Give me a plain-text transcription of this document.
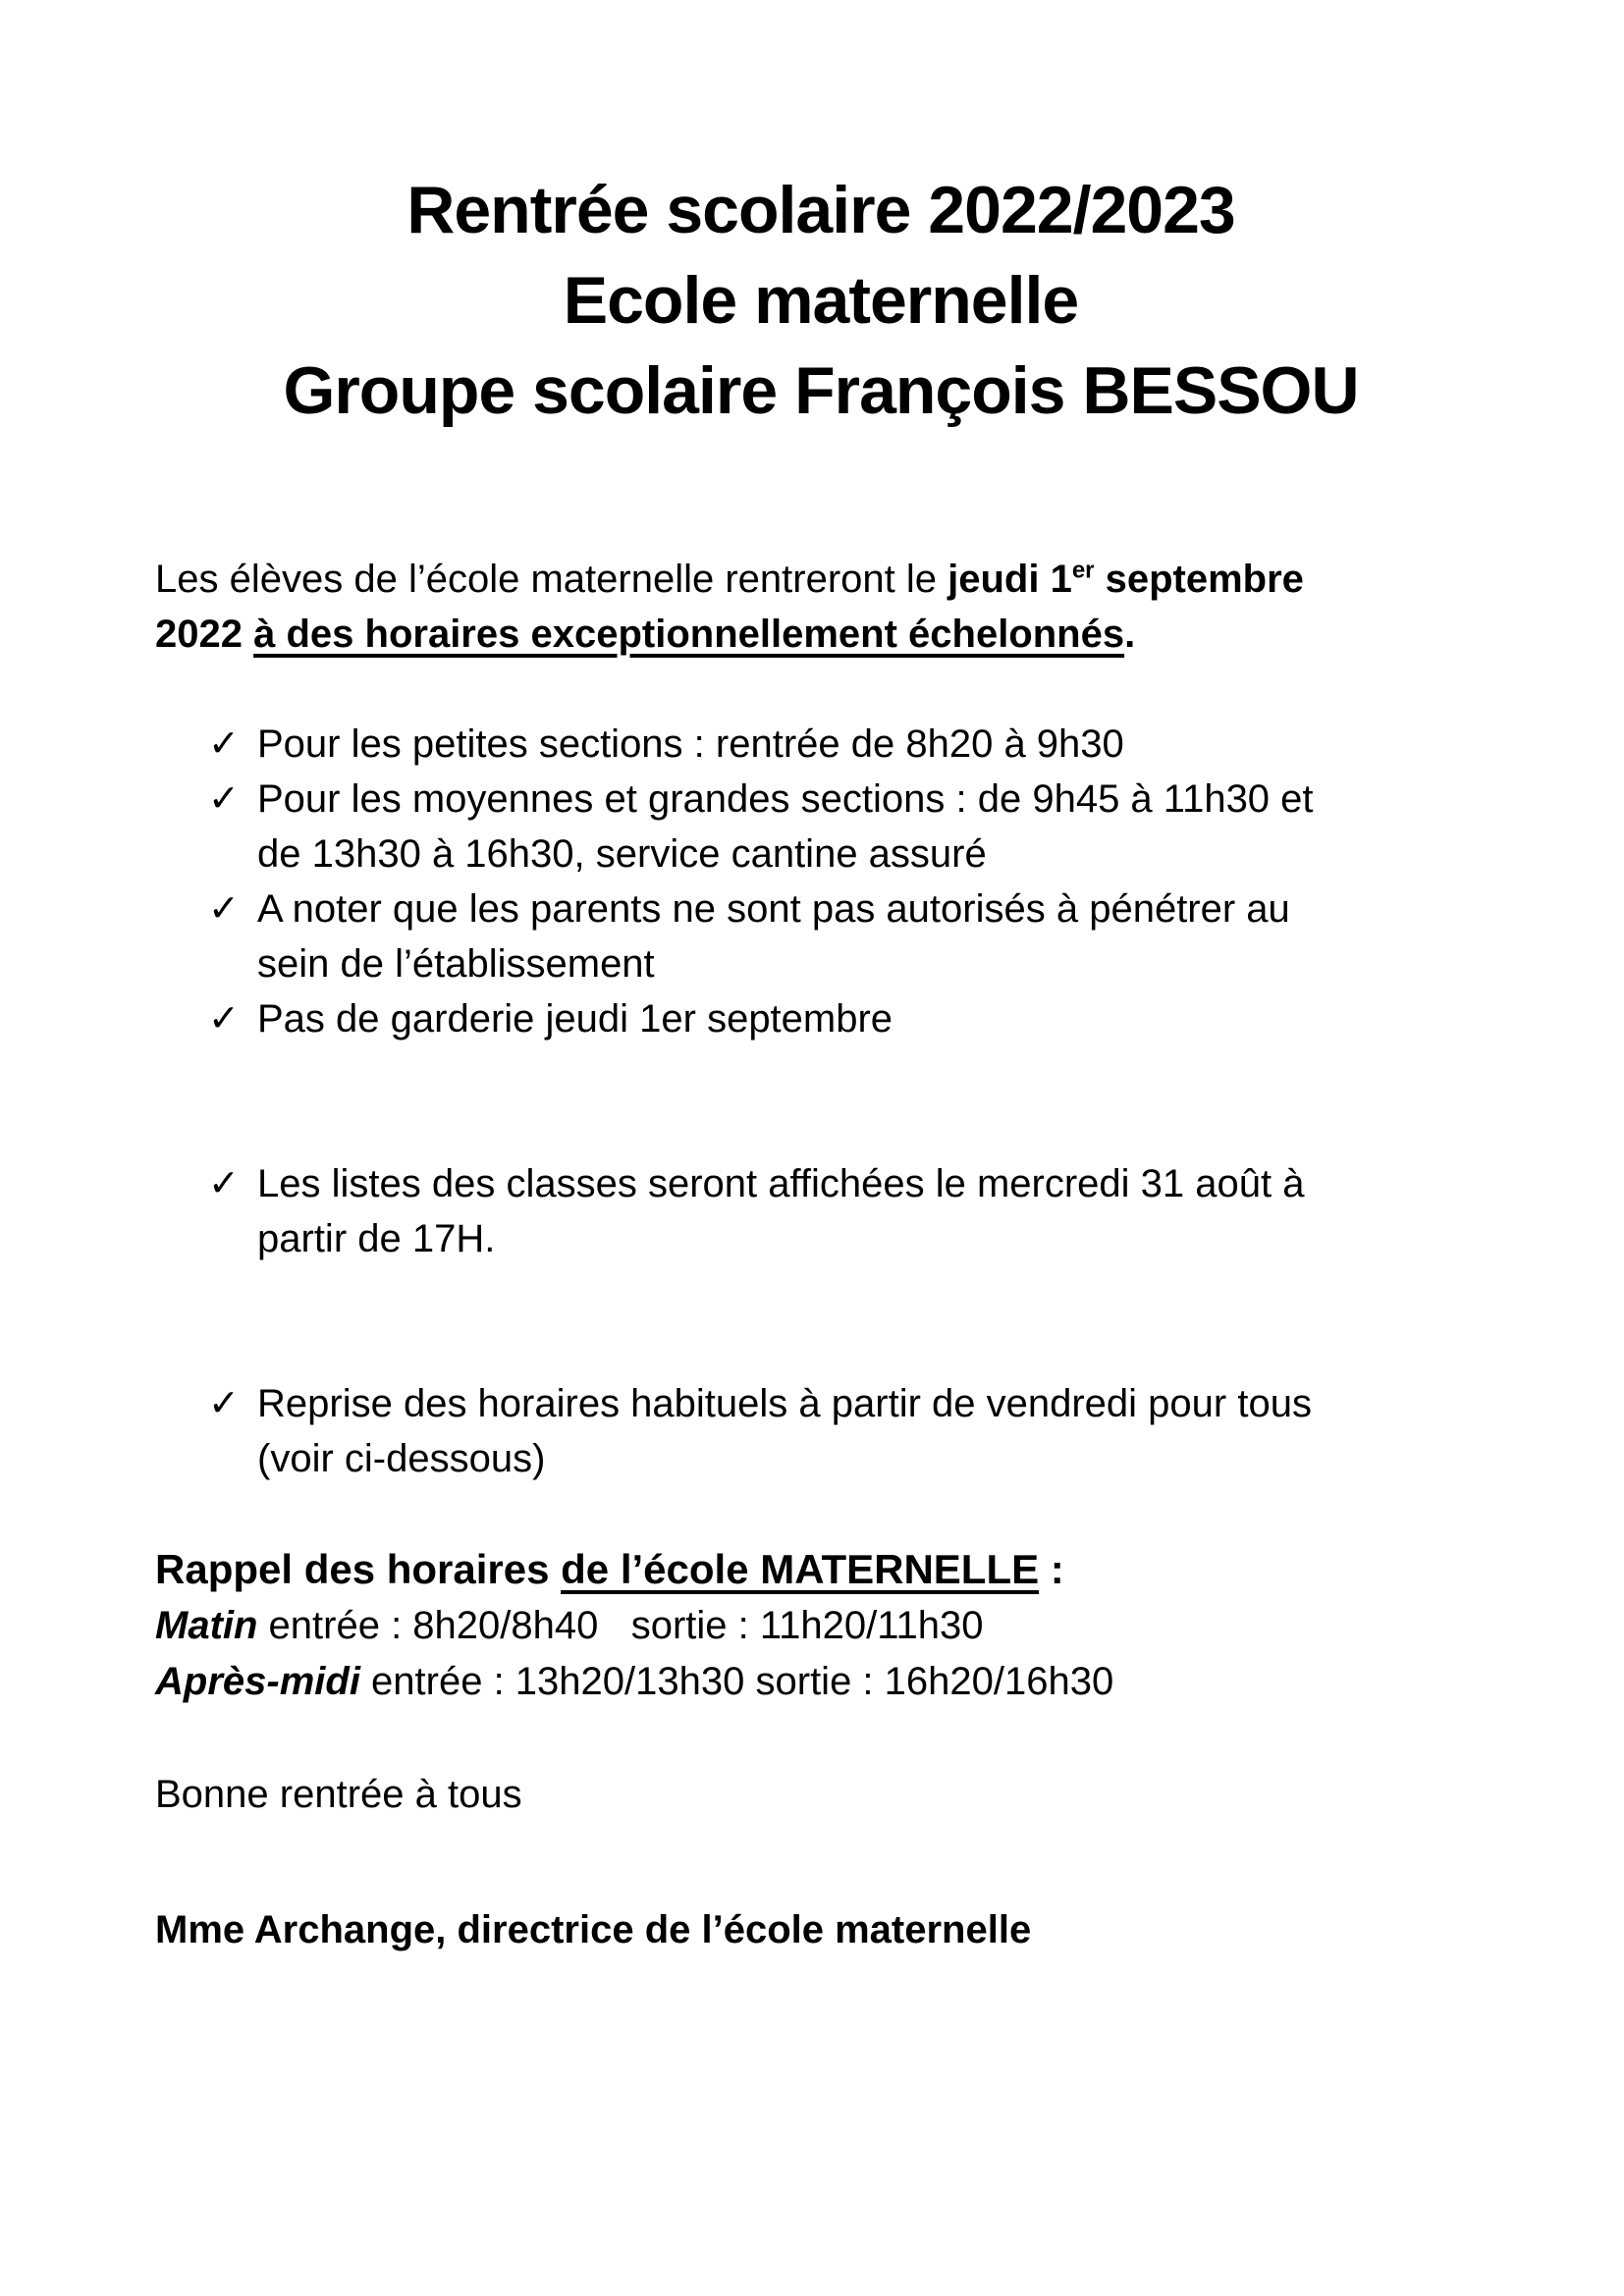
Rentrée scolaire 2022/2023
Ecole maternelle
Groupe scolaire François BESSOU

Les élèves de l’école maternelle rentreront le jeudi 1er septembre
2022 à des horaires exceptionnellement échelonnés.

✓ Pour les petites sections : rentrée de 8h20 à 9h30
✓ Pour les moyennes et grandes sections : de 9h45 à 11h30 et
de 13h30 à 16h30, service cantine assuré
✓ A noter que les parents ne sont pas autorisés à pénétrer au
sein de l’établissement
✓ Pas de garderie jeudi 1er septembre
✓ Les listes des classes seront affichées le mercredi 31 août à
partir de 17H.
✓ Reprise des horaires habituels à partir de vendredi pour tous
(voir ci-dessous)

Rappel des horaires de l’école MATERNELLE :

Matin entrée : 8h20/8h40   sortie : 11h20/11h30

Après-midi entrée : 13h20/13h30 sortie : 16h20/16h30

Bonne rentrée à tous

Mme Archange, directrice de l’école maternelle
